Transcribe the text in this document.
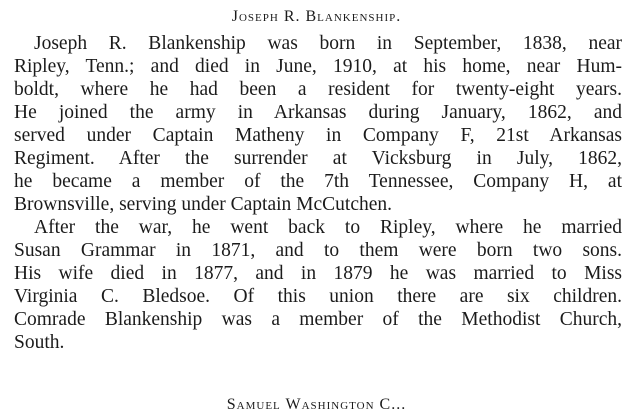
Joseph R. Blankenship.
Joseph R. Blankenship was born in September, 1838, near
Ripley, Tenn.; and died in June, 1910, at his home, near Hum-
boldt, where he had been a resident for twenty-eight years.
He joined the army in Arkansas during January, 1862, and
served under Captain Matheny in Company F, 21st Arkansas
Regiment. After the surrender at Vicksburg in July, 1862,
he became a member of the 7th Tennessee, Company H, at
Brownsville, serving under Captain McCutchen.
After the war, he went back to Ripley, where he married
Susan Grammar in 1871, and to them were born two sons.
His wife died in 1877, and in 1879 he was married to Miss
Virginia C. Bledsoe. Of this union there are six children.
Comrade Blankenship was a member of the Methodist Church,
South.
Samuel Washington C...
